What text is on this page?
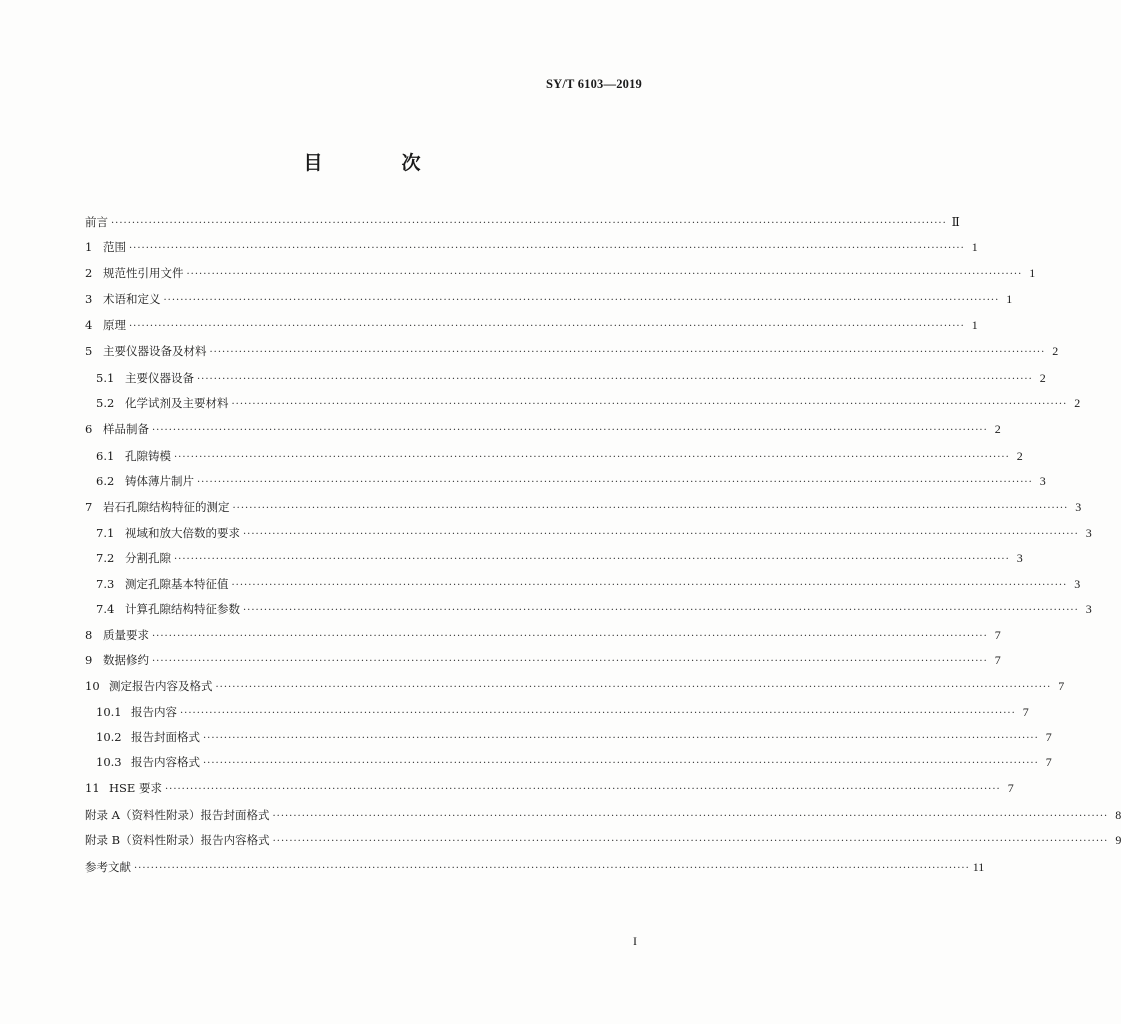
SY/T 6103—2019
目　次
前言 ········································································································································································································ Ⅱ
1 范围 ········································································································································································································ 1
2 规范性引用文件 ········································································································································································································ 1
3 术语和定义 ········································································································································································································ 1
4 原理 ········································································································································································································ 1
5 主要仪器设备及材料 ········································································································································································································ 2
5.1 主要仪器设备 ········································································································································································································ 2
5.2 化学试剂及主要材料 ········································································································································································································ 2
6 样品制备 ········································································································································································································ 2
6.1 孔隙铸模 ········································································································································································································ 2
6.2 铸体薄片制片 ········································································································································································································ 3
7 岩石孔隙结构特征的测定 ········································································································································································································ 3
7.1 视域和放大倍数的要求 ········································································································································································································ 3
7.2 分割孔隙 ········································································································································································································ 3
7.3 测定孔隙基本特征值 ········································································································································································································ 3
7.4 计算孔隙结构特征参数 ········································································································································································································ 3
8 质量要求 ········································································································································································································ 7
9 数据修约 ········································································································································································································ 7
10 测定报告内容及格式 ········································································································································································································ 7
10.1 报告内容 ········································································································································································································ 7
10.2 报告封面格式 ········································································································································································································ 7
10.3 报告内容格式 ········································································································································································································ 7
11 HSE 要求 ········································································································································································································ 7
附录 A（资料性附录）报告封面格式 ········································································································································································································ 8
附录 B（资料性附录）报告内容格式 ········································································································································································································ 9
参考文献 ········································································································································································································ 11
I
